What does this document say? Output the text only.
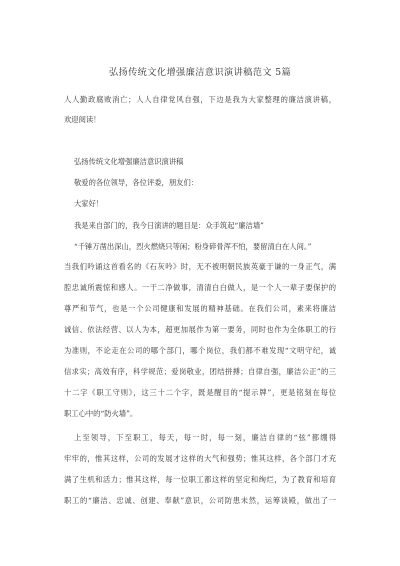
弘扬传统文化增强廉洁意识演讲稿范文 5篇
人人勤政腐败消亡；人人自律党风自强，下边是我为大家整理的廉洁演讲稿，
欢迎阅读！
弘扬传统文化增强廉洁意识演讲稿
敬爱的各位领导，各位评委，朋友们：
大家好！
我是来自部门的，我今日演讲的题目是：众手筑起“廉洁墙”
“千锤万凿出深山，烈火燃烧只等闲；粉身碎骨浑不怕，要留清白在人间。”
当我们吟诵这首看名的《石灰吟》时，无不被明朝民族英豪于谦的一身正气，满
腔忠诚所震惊和感人。一干二净做事，清清白白做人，是一个人一辈子要保护的
尊严和节气，也是一个公司健康和发展的精神基础。在我们公司，素来将廉洁
诚信、依法经营、以人为本，超更加展作为第一要务，同时也作为全体职工的行
为准则，不论走在公司的哪个部门，哪个岗位，我们都不难发现“文明守纪，诚
信求实；高效有序，科学规范；爱岗敬业，团结拼搏；自律自强，廉洁公正”的三
十二字《职工守则》，这三十二个字，既是醒目的“提示牌”，更是铭刻在每位
职工心中的“防火墙”。
上至领导，下至职工，每天，每一时，每一刻，廉洁自律的“弦”都绷得
牢牢的，惟其这样，公司的发展才这样的大气和强势；惟其这样，各个部门才充
满了生机和活力；惟其这样，每一位职工都这样的坚定和绚烂，为了教育和培育
职工的“廉洁、忠诚、创建、奉献”意识，公司防患未然，运筹谈殿，做出了一
